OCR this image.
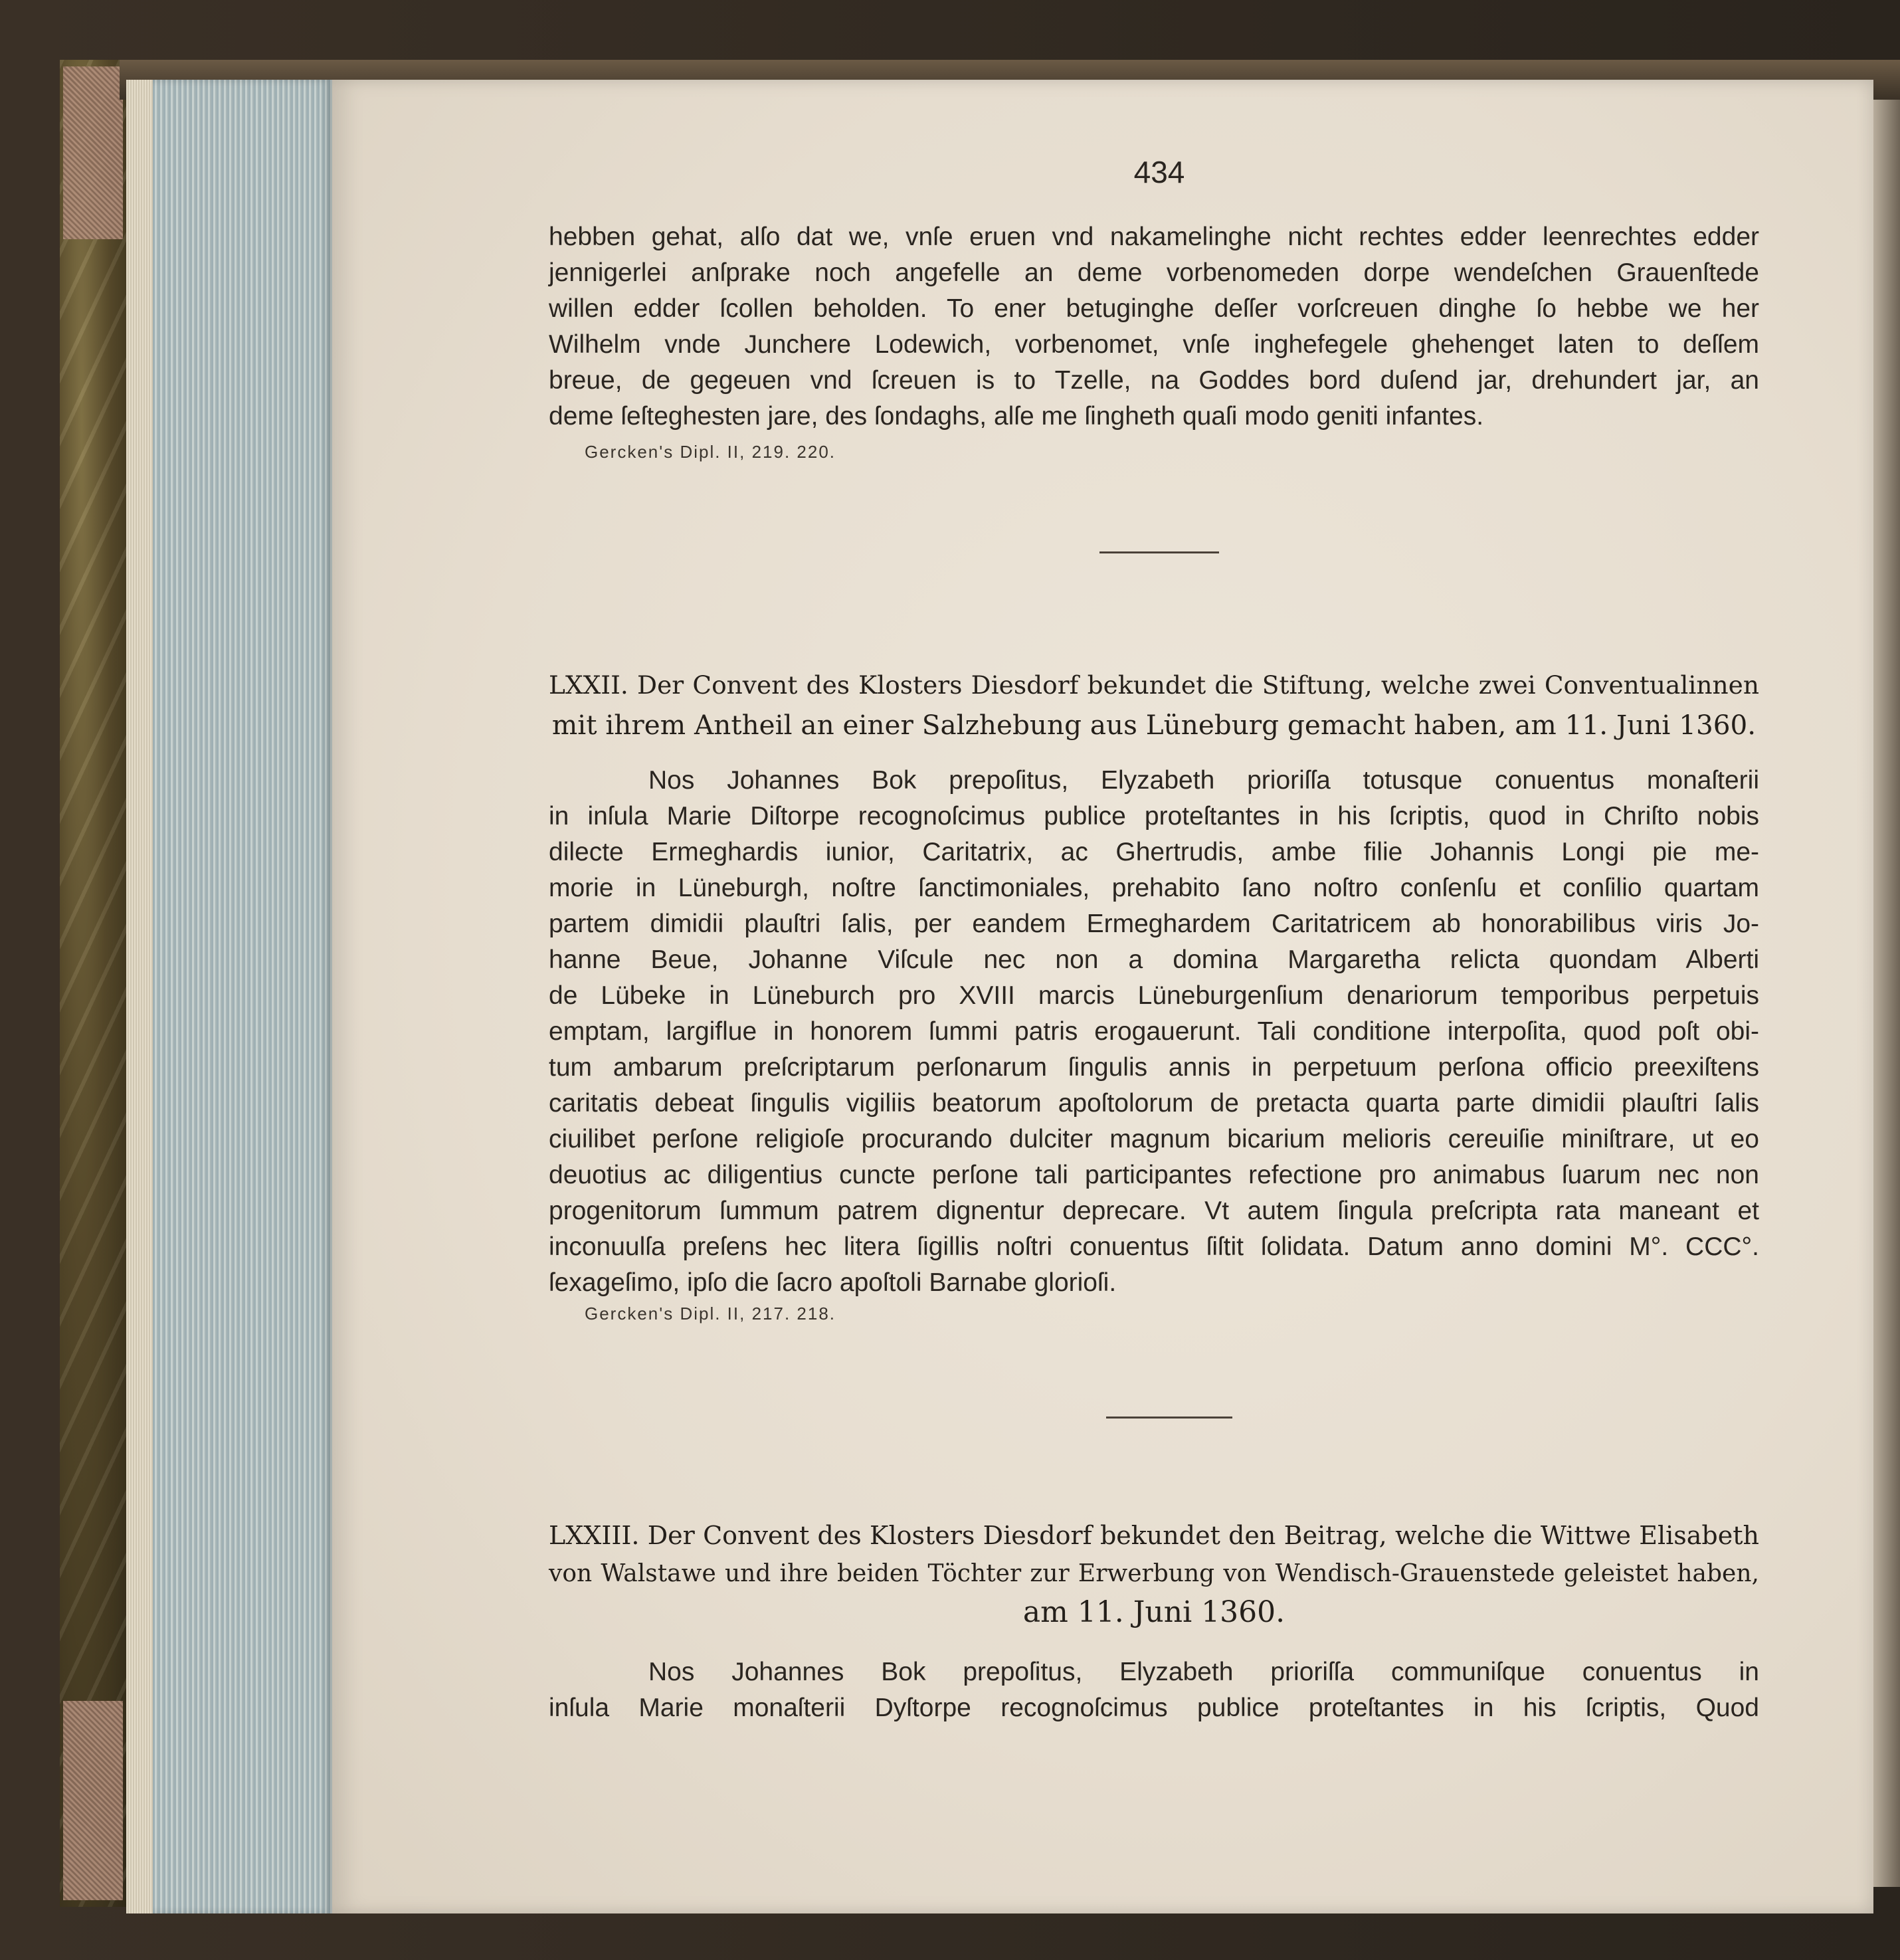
434

hebben gehat, alſo dat we, vnſe eruen vnd nakamelinghe nicht rechtes edder leenrechtes edder

jennigerlei anſprake noch angefelle an deme vorbenomeden dorpe wendeſchen Grauenſtede

willen edder ſcollen beholden. To ener betuginghe deſſer vorſcreuen dinghe ſo hebbe we her

Wilhelm vnde Junchere Lodewich, vorbenomet, vnſe inghefegele ghehenget laten to deſſem

breue, de gegeuen vnd ſcreuen is to Tzelle, na Goddes bord duſend jar, drehundert jar, an

deme ſeſteghesten jare, des ſondaghs, alſe me ſingheth quaſi modo geniti infantes.

Gercken's Dipl. II, 219. 220.

LXXII. Der Convent des Klosters Diesdorf bekundet die Stiftung, welche zwei Conventualinnen

mit ihrem Antheil an einer Salzhebung aus Lüneburg gemacht haben, am 11. Juni 1360.

Nos Johannes Bok prepoſitus, Elyzabeth prioriſſa totusque conuentus monaſterii

in inſula Marie Diſtorpe recognoſcimus publice proteſtantes in his ſcriptis, quod in Chriſto nobis

dilecte Ermeghardis iunior, Caritatrix, ac Ghertrudis, ambe filie Johannis Longi pie me-

morie in Lüneburgh, noſtre ſanctimoniales, prehabito ſano noſtro conſenſu et conſilio quartam

partem dimidii plauſtri ſalis, per eandem Ermeghardem Caritatricem ab honorabilibus viris Jo-

hanne Beue, Johanne Viſcule nec non a domina Margaretha relicta quondam Alberti

de Lübeke in Lüneburch pro XVIII marcis Lüneburgenſium denariorum temporibus perpetuis

emptam, largiflue in honorem ſummi patris erogauerunt. Tali conditione interpoſita, quod poſt obi-

tum ambarum preſcriptarum perſonarum ſingulis annis in perpetuum perſona officio preexiſtens

caritatis debeat ſingulis vigiliis beatorum apoſtolorum de pretacta quarta parte dimidii plauſtri ſalis

ciuilibet perſone religioſe procurando dulciter magnum bicarium melioris cereuiſie miniſtrare, ut eo

deuotius ac diligentius cuncte perſone tali participantes refectione pro animabus ſuarum nec non

progenitorum ſummum patrem dignentur deprecare. Vt autem ſingula preſcripta rata maneant et

inconuulſa preſens hec litera ſigillis noſtri conuentus ſiſtit ſolidata. Datum anno domini M°. CCC°.

ſexageſimo, ipſo die ſacro apoſtoli Barnabe glorioſi.

Gercken's Dipl. II, 217. 218.

LXXIII. Der Convent des Klosters Diesdorf bekundet den Beitrag, welche die Wittwe Elisabeth

von Walstawe und ihre beiden Töchter zur Erwerbung von Wendisch-Grauenstede geleistet haben,

am 11. Juni 1360.

Nos Johannes Bok prepoſitus, Elyzabeth prioriſſa communiſque conuentus in

inſula Marie monaſterii Dyſtorpe recognoſcimus publice proteſtantes in his ſcriptis, Quod
